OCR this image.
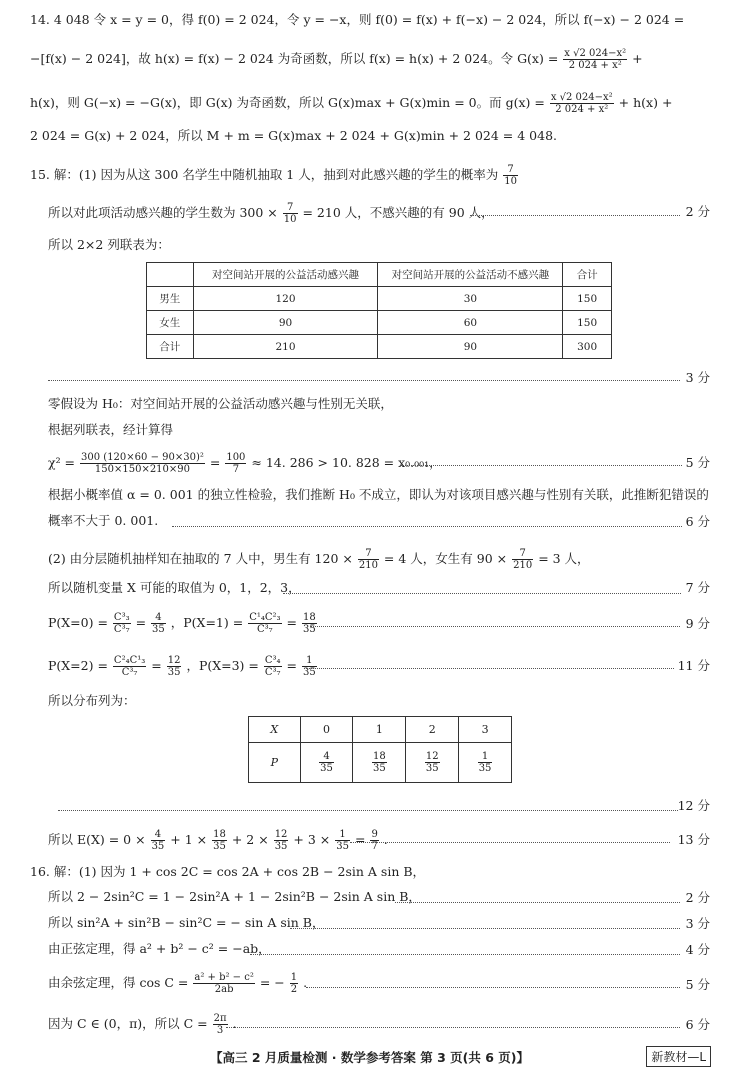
14. 4 048 令 x = y = 0，得 f(0) = 2 024，令 y = −x，则 f(0) = f(x) + f(−x) − 2 024，所以 f(−x) − 2 024 =
−[f(x) − 2 024]，故 h(x) = f(x) − 2 024 为奇函数，所以 f(x) = h(x) + 2 024。令 $G(x) = \frac{\text{x √2 024−x²}}{\text{2 024 + x²}}$ +
h(x)，则 G(−x) = −G(x)，即 G(x) 为奇函数，所以 G(x)max + G(x)min = 0。而 $g(x) = \frac{\text{x √2 024−x²}}{\text{2 024 + x²}} + h(x)$ +
2 024 = G(x) + 2 024，所以 M + m = G(x)max + 2 024 + G(x)min + 2 024 = 4 048.
15. 解：(1) 因为从这 300 名学生中随机抽取 1 人，抽到对此感兴趣的学生的概率为 $\frac{7}{10}$
所以对此项活动感兴趣的学生数为 $300 \times \frac{7}{10} = 210$ 人，不感兴趣的有 90 人，	2 分
所以 2×2 列联表为：
	对空间站开展的公益活动感兴趣	对空间站开展的公益活动不感兴趣	合计
男生	120	30	150
女生	90	60	150
合计	210	90	300
3 分
零假设为 H₀：对空间站开展的公益活动感兴趣与性别无关联，
根据列联表，经计算得
$\chi^2 = \frac{\text{300 (120×60 − 90×30)²}}{150\times 150\times 210\times 90} = \frac{100}{7} \approx 14$. 286 > 10. 828 = x₀.₀₀₁，	5 分
根据小概率值 α = 0. 001 的独立性检验，我们推断 H₀ 不成立，即认为对该项目感兴趣与性别有关联，此推断犯错误的
概率不大于 0. 001.	6 分
(2) 由分层随机抽样知在抽取的 7 人中，男生有 $120 \times \frac{7}{210} = 4$ 人，女生有 $90 \times \frac{7}{210} = 3$ 人，
所以随机变量 X 可能的取值为 0，1，2，3，	7 分
$P(X=0) = \frac{\text{C³₃}}{\text{C³₇}} = \frac{4}{35}$ ，$P(X=1) = \frac{\text{C¹₄C²₃}}{\text{C³₇}} = \frac{18}{35}$	9 分
$P(X=2) = \frac{\text{C²₄C¹₃}}{\text{C³₇}} = \frac{12}{35}$ ，$P(X=3) = \frac{\text{C³₄}}{\text{C³₇}} = \frac{1}{35}$	11 分
所以分布列为：
X	0	1	2	3
P	$\frac{4}{35}$	$\frac{18}{35}$	$\frac{12}{35}$	$\frac{1}{35}$
12 分
所以 $E(X) = 0 \times \frac{4}{35} + 1 \times \frac{18}{35} + 2 \times \frac{12}{35} + 3 \times \frac{1}{35} = \frac{9}{7}$ .	13 分
16. 解：(1) 因为 1 + cos 2C = cos 2A + cos 2B − 2sin A sin B，
所以 2 − 2sin²C = 1 − 2sin²A + 1 − 2sin²B − 2sin A sin B，	2 分
所以 sin²A + sin²B − sin²C = − sin A sin B，	3 分
由正弦定理，得 a² + b² − c² = −ab，	4 分
由余弦定理，得 $\cos C = \frac{\text{a² + b² − c²}}{2ab}$ = − $\frac{1}{2}$ .	5 分
因为 C ∈ (0，π)，所以 $C = \frac{2\pi}{3}$ .	6 分
【高三 2 月质量检测 · 数学参考答案 第 3 页(共 6 页)】	新教材—L
